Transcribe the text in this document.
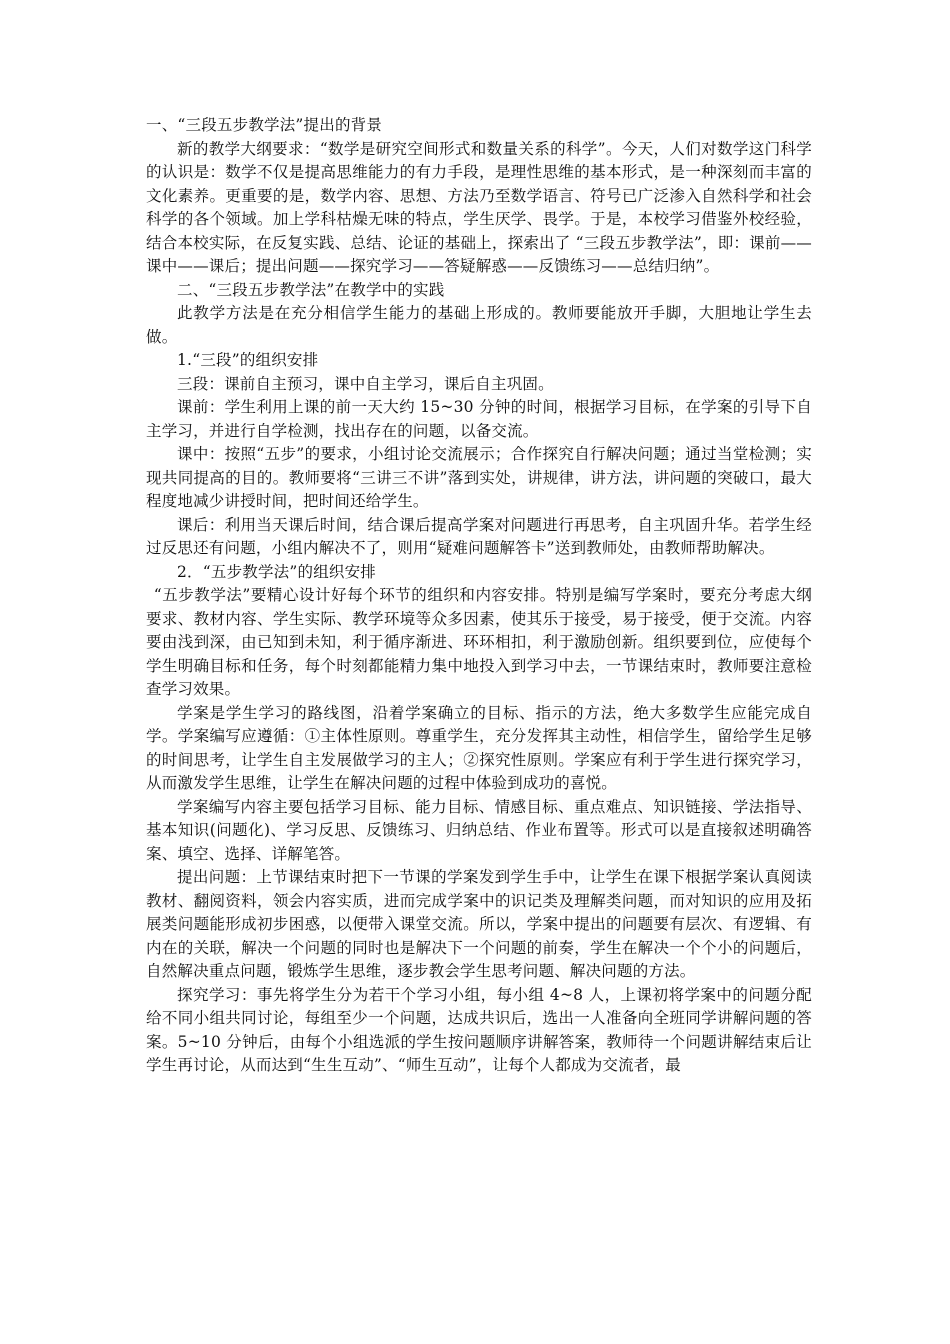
一、“三段五步教学法”提出的背景

新的教学大纲要求：“数学是研究空间形式和数量关系的科学”。今天，人们对数学这门科学的认识是：数学不仅是提高思维能力的有力手段，是理性思维的基本形式，是一种深刻而丰富的文化素养。更重要的是，数学内容、思想、方法乃至数学语言、符号已广泛渗入自然科学和社会科学的各个领域。加上学科枯燥无味的特点，学生厌学、畏学。于是，本校学习借鉴外校经验，结合本校实际，在反复实践、总结、论证的基础上，探索出了 “三段五步教学法”，即：课前——课中——课后；提出问题——探究学习——答疑解惑——反馈练习——总结归纳”。

二、“三段五步教学法”在教学中的实践

此教学方法是在充分相信学生能力的基础上形成的。教师要能放开手脚，大胆地让学生去做。

1.“三段”的组织安排

三段：课前自主预习，课中自主学习，课后自主巩固。

课前：学生利用上课的前一天大约 15~30 分钟的时间，根据学习目标，在学案的引导下自主学习，并进行自学检测，找出存在的问题，以备交流。

课中：按照“五步”的要求，小组讨论交流展示；合作探究自行解决问题；通过当堂检测；实现共同提高的目的。教师要将“三讲三不讲”落到实处，讲规律，讲方法，讲问题的突破口，最大程度地减少讲授时间，把时间还给学生。

课后：利用当天课后时间，结合课后提高学案对问题进行再思考，自主巩固升华。若学生经过反思还有问题，小组内解决不了，则用“疑难问题解答卡”送到教师处，由教师帮助解决。

2．“五步教学法”的组织安排

“五步教学法”要精心设计好每个环节的组织和内容安排。特别是编写学案时，要充分考虑大纲要求、教材内容、学生实际、教学环境等众多因素，使其乐于接受，易于接受，便于交流。内容要由浅到深，由已知到未知，利于循序渐进、环环相扣，利于激励创新。组织要到位，应使每个学生明确目标和任务，每个时刻都能精力集中地投入到学习中去，一节课结束时，教师要注意检查学习效果。

学案是学生学习的路线图，沿着学案确立的目标、指示的方法，绝大多数学生应能完成自学。学案编写应遵循：①主体性原则。尊重学生，充分发挥其主动性，相信学生，留给学生足够的时间思考，让学生自主发展做学习的主人；②探究性原则。学案应有利于学生进行探究学习，从而激发学生思维，让学生在解决问题的过程中体验到成功的喜悦。

学案编写内容主要包括学习目标、能力目标、情感目标、重点难点、知识链接、学法指导、基本知识(问题化)、学习反思、反馈练习、归纳总结、作业布置等。形式可以是直接叙述明确答案、填空、选择、详解笔答。

提出问题：上节课结束时把下一节课的学案发到学生手中，让学生在课下根据学案认真阅读教材、翻阅资料，领会内容实质，进而完成学案中的识记类及理解类问题，而对知识的应用及拓展类问题能形成初步困惑，以便带入课堂交流。所以，学案中提出的问题要有层次、有逻辑、有内在的关联，解决一个问题的同时也是解决下一个问题的前奏，学生在解决一个个小的问题后，自然解决重点问题，锻炼学生思维，逐步教会学生思考问题、解决问题的方法。

探究学习：事先将学生分为若干个学习小组，每小组 4~8 人，上课初将学案中的问题分配给不同小组共同讨论，每组至少一个问题，达成共识后，选出一人准备向全班同学讲解问题的答案。5~10 分钟后，由每个小组选派的学生按问题顺序讲解答案，教师待一个问题讲解结束后让学生再讨论，从而达到“生生互动”、“师生互动”，让每个人都成为交流者，最
